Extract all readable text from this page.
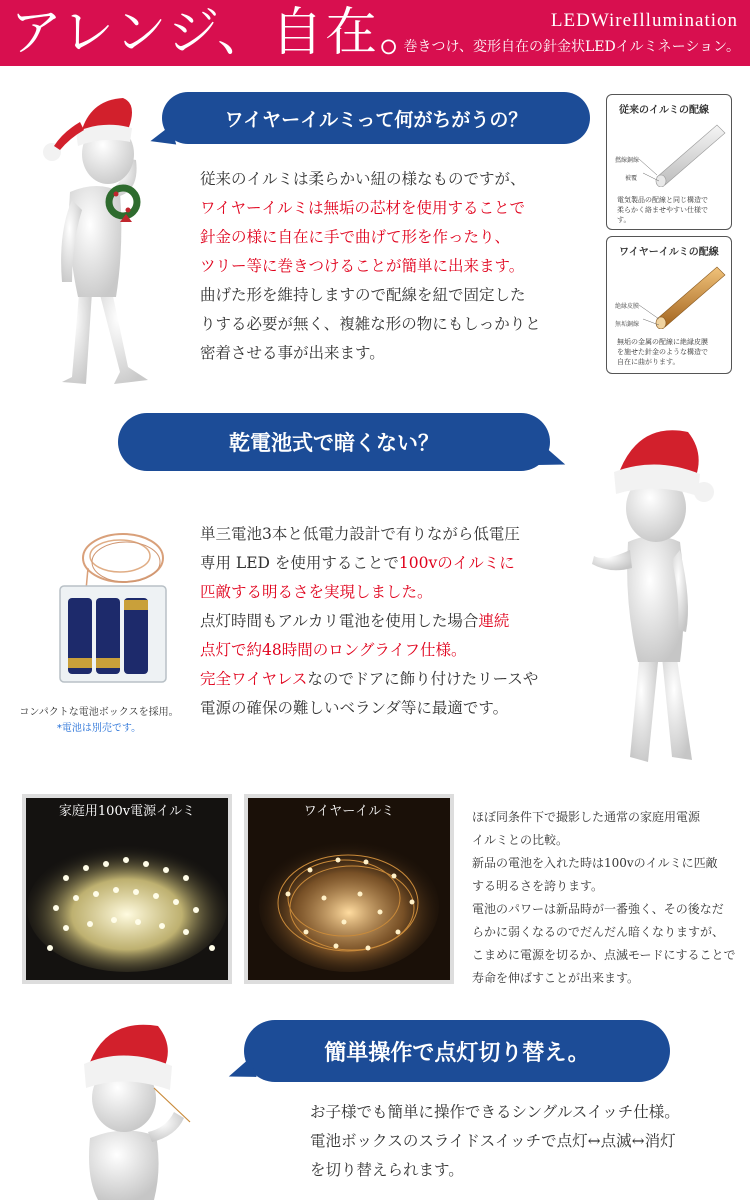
アレンジ、自在。	LEDWireIllumination
巻きつけ、変形自在の針金状LEDイルミネーション。
ワイヤーイルミって何がちがうの？
従来のイルミは柔らかい紐の様なものですが、
ワイヤーイルミは無垢の芯材を使用することで
針金の様に自在に手で曲げて形を作ったり、
ツリー等に巻きつけることが簡単に出来ます。
曲げた形を維持しますので配線を紐で固定した
りする必要が無く、複雑な形の物にもしっかりと
密着させる事が出来ます。
従来のイルミの配線
撚線銅線
被覆
電気製品の配線と同じ構造で
柔らかく絡ませやすい仕様で
す。
ワイヤーイルミの配線
絶縁皮膜
無垢銅線
無垢の金属の配線に絶縁皮膜
を施せた針金のような構造で
自在に曲がります。
乾電池式で暗くない？
コンパクトな電池ボックスを採用。
*電池は別売です。
単三電池3本と低電力設計で有りながら低電圧
専用 LED を使用することで100vのイルミに
匹敵する明るさを実現しました。
点灯時間もアルカリ電池を使用した場合連続
点灯で約48時間のロングライフ仕様。
完全ワイヤレスなのでドアに飾り付けたリースや
電源の確保の難しいベランダ等に最適です。
家庭用100v電源イルミ	ワイヤーイルミ	ほぼ同条件下で撮影した通常の家庭用電源
イルミとの比較。
新品の電池を入れた時は100vのイルミに匹敵
する明るさを誇ります。
電池のパワーは新品時が一番強く、その後なだ
らかに弱くなるのでだんだん暗くなりますが、
こまめに電源を切るか、点滅モードにすることで
寿命を伸ばすことが出来ます。
簡単操作で点灯切り替え。
お子様でも簡単に操作できるシングルスイッチ仕様。
電池ボックスのスライドスイッチで点灯↔点滅↔消灯
を切り替えられます。
